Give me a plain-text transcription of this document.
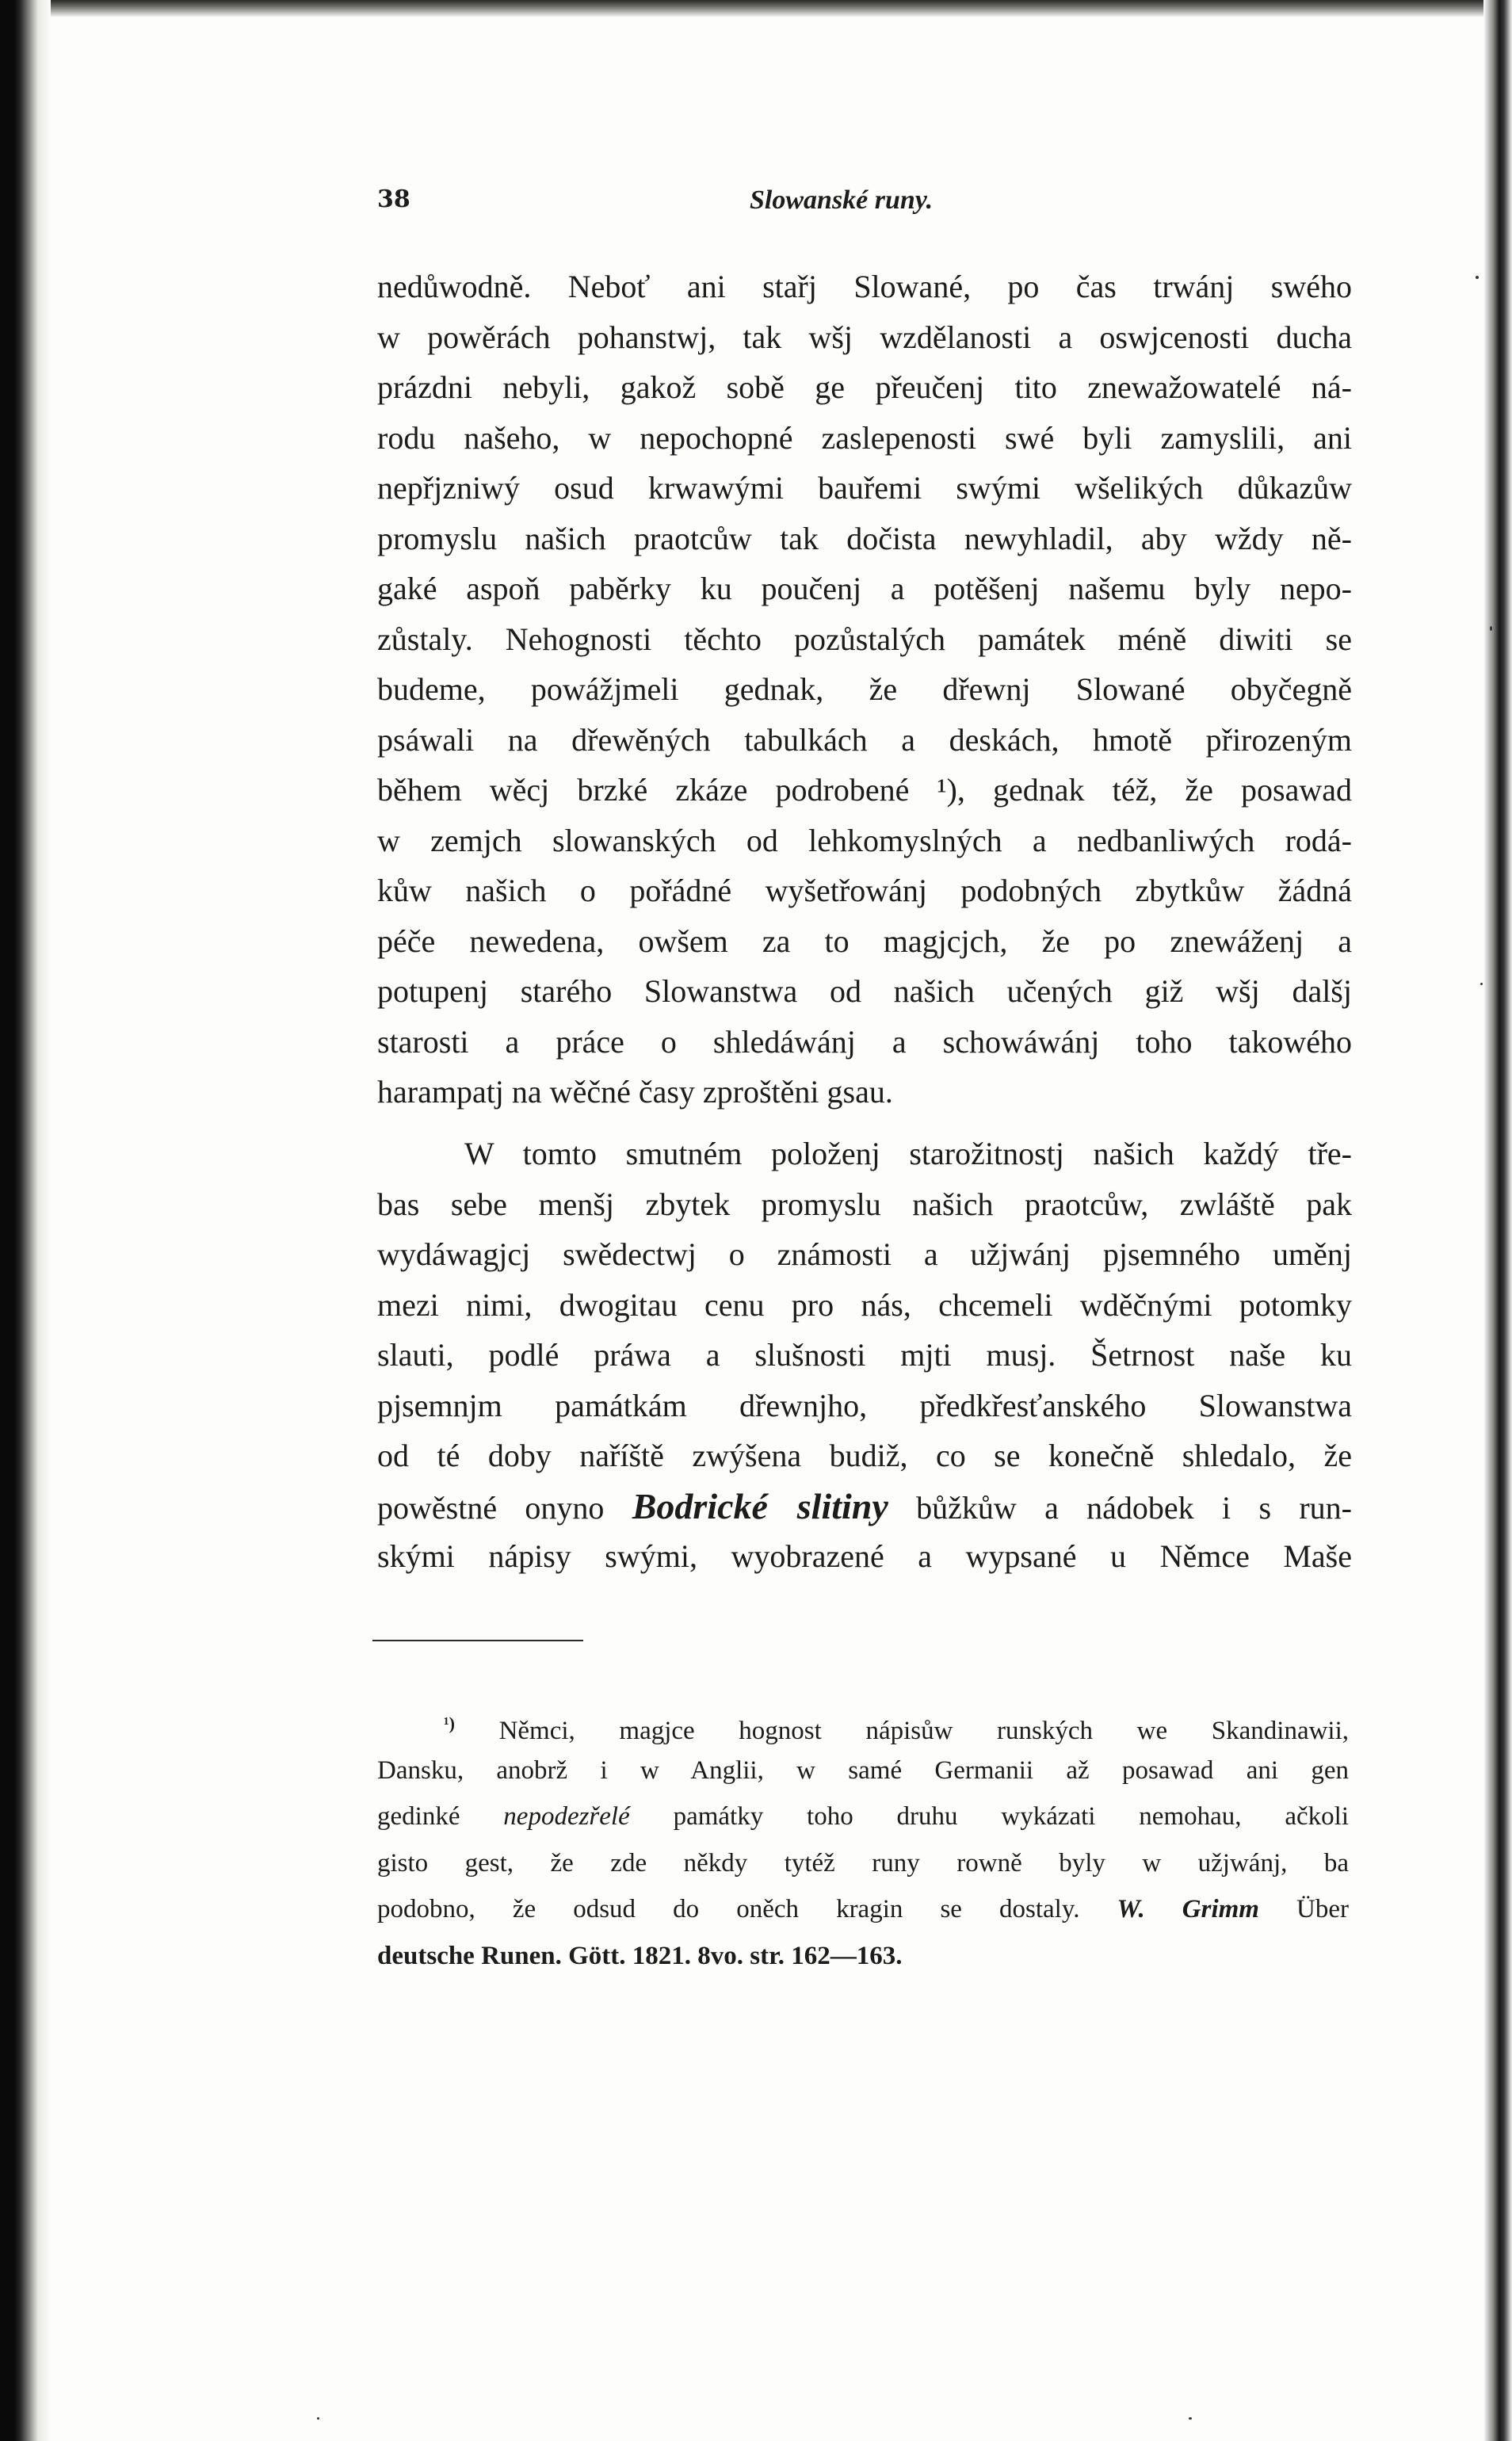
38	Slowanské runy.
nedůwodně. Neboť ani stařj Slowané, po čas trwánj swého
w powěrách pohanstwj, tak wšj wzdělanosti a oswjcenosti ducha
prázdni nebyli, gakož sobě ge přeučenj tito znewažowatelé ná-
rodu našeho, w nepochopné zaslepenosti swé byli zamyslili, ani
nepřjzniwý osud krwawými bauřemi swými wšelikých důkazůw
promyslu našich praotcůw tak dočista newyhladil, aby wždy ně-
gaké aspoň paběrky ku poučenj a potěšenj našemu byly nepo-
zůstaly. Nehognosti těchto pozůstalých památek méně diwiti se
budeme, powážjmeli gednak, že dřewnj Slowané obyčegně
psáwali na dřewěných tabulkách a deskách, hmotě přirozeným
během wěcj brzké zkáze podrobené ¹), gednak též, že posawad
w zemjch slowanských od lehkomyslných a nedbanliwých rodá-
kůw našich o pořádné wyšetřowánj podobných zbytkůw žádná
péče newedena, owšem za to magjcjch, že po znewáženj a
potupenj starého Slowanstwa od našich učených giž wšj dalšj
starosti a práce o shledáwánj a schowáwánj toho takowého
harampatj na wěčné časy zproštěni gsau.
W tomto smutném položenj starožitnostj našich každý tře-
bas sebe menšj zbytek promyslu našich praotcůw, zwláště pak
wydáwagjcj swědectwj o známosti a užjwánj pjsemného uměnj
mezi nimi, dwogitau cenu pro nás, chcemeli wděčnými potomky
slauti, podlé práwa a slušnosti mjti musj. Šetrnost naše ku
pjsemnjm památkám dřewnjho, předkřesťanského Slowanstwa
od té doby naříště zwýšena budiž, co se konečně shledalo, že
powěstné onyno Bodrické slitiny bůžkůw a nádobek i s run-
skými nápisy swými, wyobrazené a wypsané u Němce Maše
$^{^1)}$ Němci, magjce hognost nápisůw runských we Skandinawii,
Dansku, anobrž i w Anglii, w samé Germanii až posawad ani gen
gedinké nepodezřelé památky toho druhu wykázati nemohau, ačkoli
gisto gest, že zde někdy tytéž runy rowně byly w užjwánj, ba
podobno, že odsud do oněch kragin se dostaly. W. Grimm Über
deutsche Runen. Gött. 1821. 8vo. str. 162—163.
